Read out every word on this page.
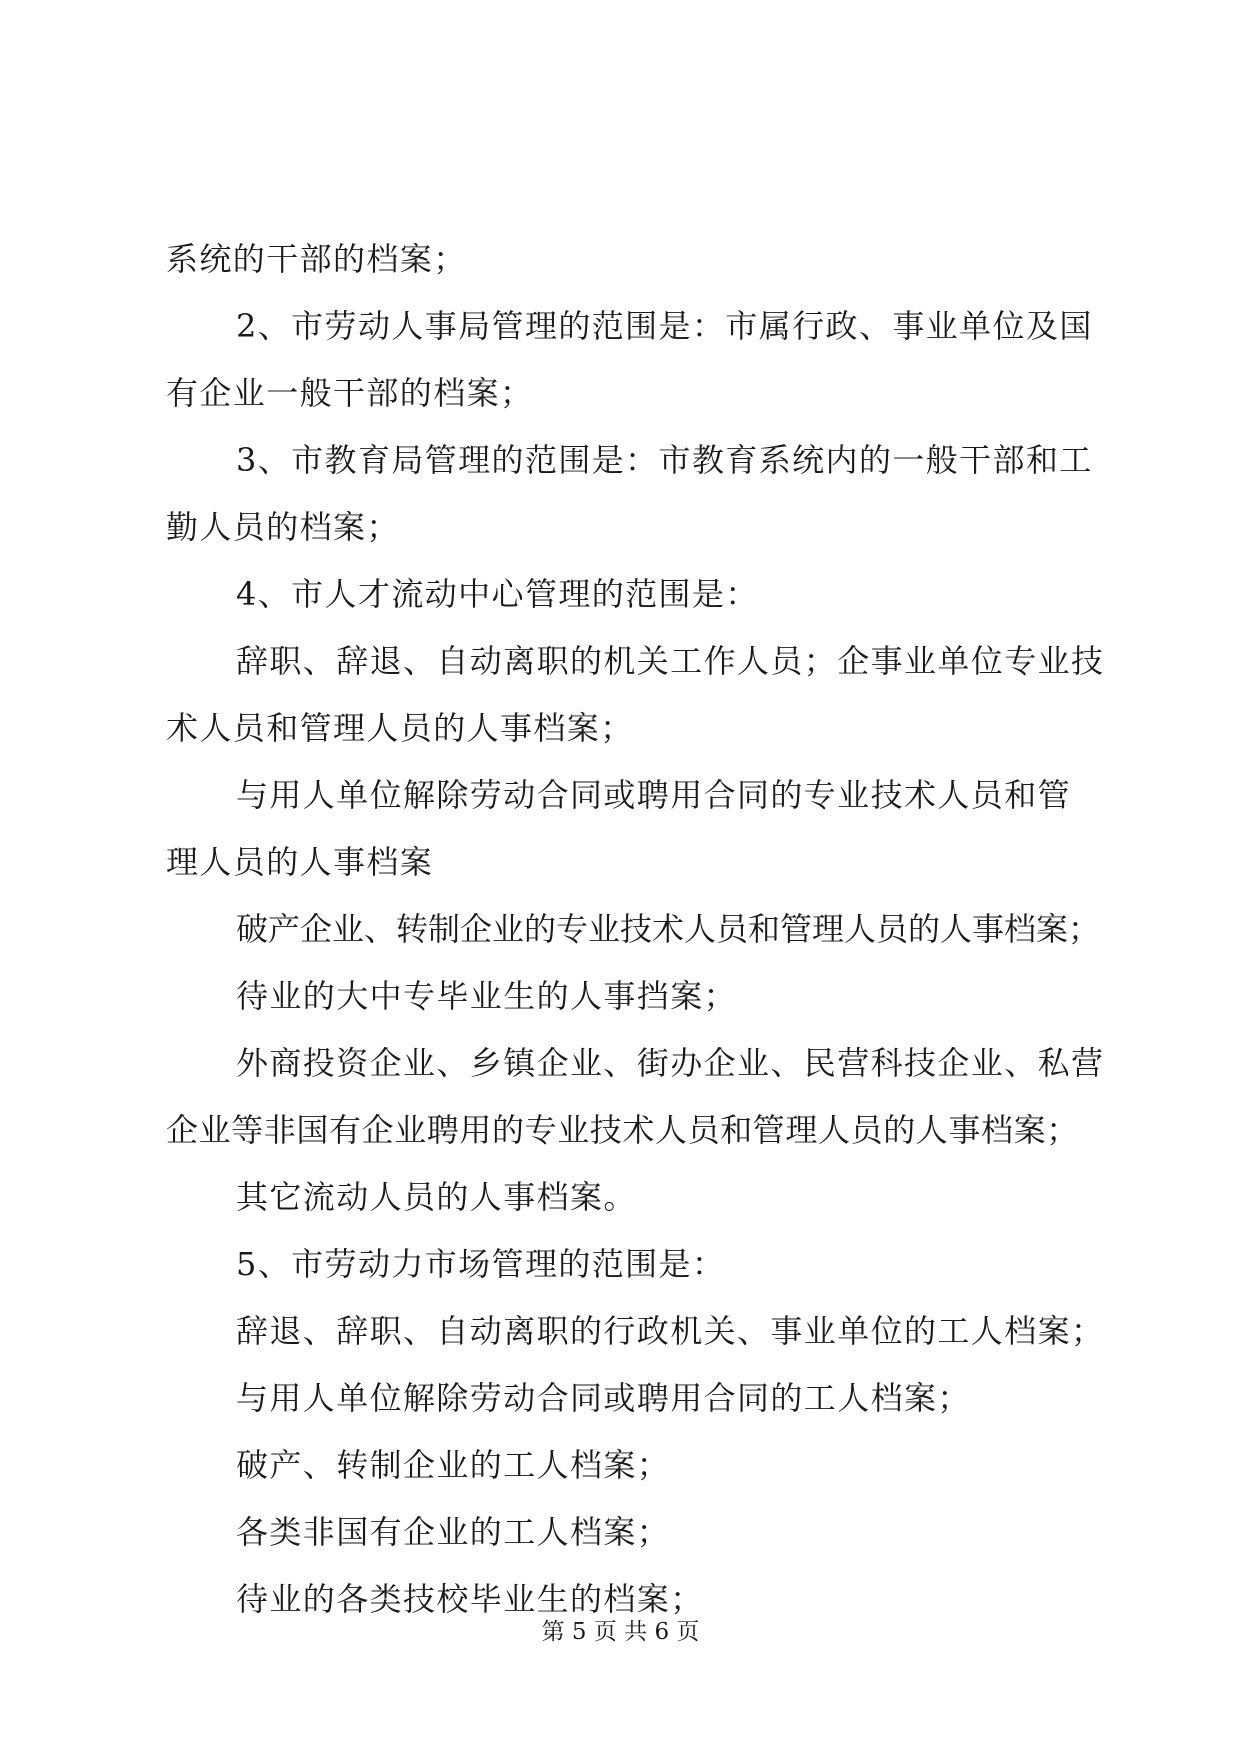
系统的干部的档案；
2、市劳动人事局管理的范围是：市属行政、事业单位及国
有企业一般干部的档案；
3、市教育局管理的范围是：市教育系统内的一般干部和工
勤人员的档案；
4、市人才流动中心管理的范围是：
辞职、辞退、自动离职的机关工作人员；企事业单位专业技
术人员和管理人员的人事档案；
与用人单位解除劳动合同或聘用合同的专业技术人员和管
理人员的人事档案
破产企业、转制企业的专业技术人员和管理人员的人事档案；
待业的大中专毕业生的人事挡案；
外商投资企业、乡镇企业、街办企业、民营科技企业、私营
企业等非国有企业聘用的专业技术人员和管理人员的人事档案；
其它流动人员的人事档案。
5、市劳动力市场管理的范围是：
辞退、辞职、自动离职的行政机关、事业单位的工人档案；
与用人单位解除劳动合同或聘用合同的工人档案；
破产、转制企业的工人档案；
各类非国有企业的工人档案；
待业的各类技校毕业生的档案；
第 5 页 共 6 页
